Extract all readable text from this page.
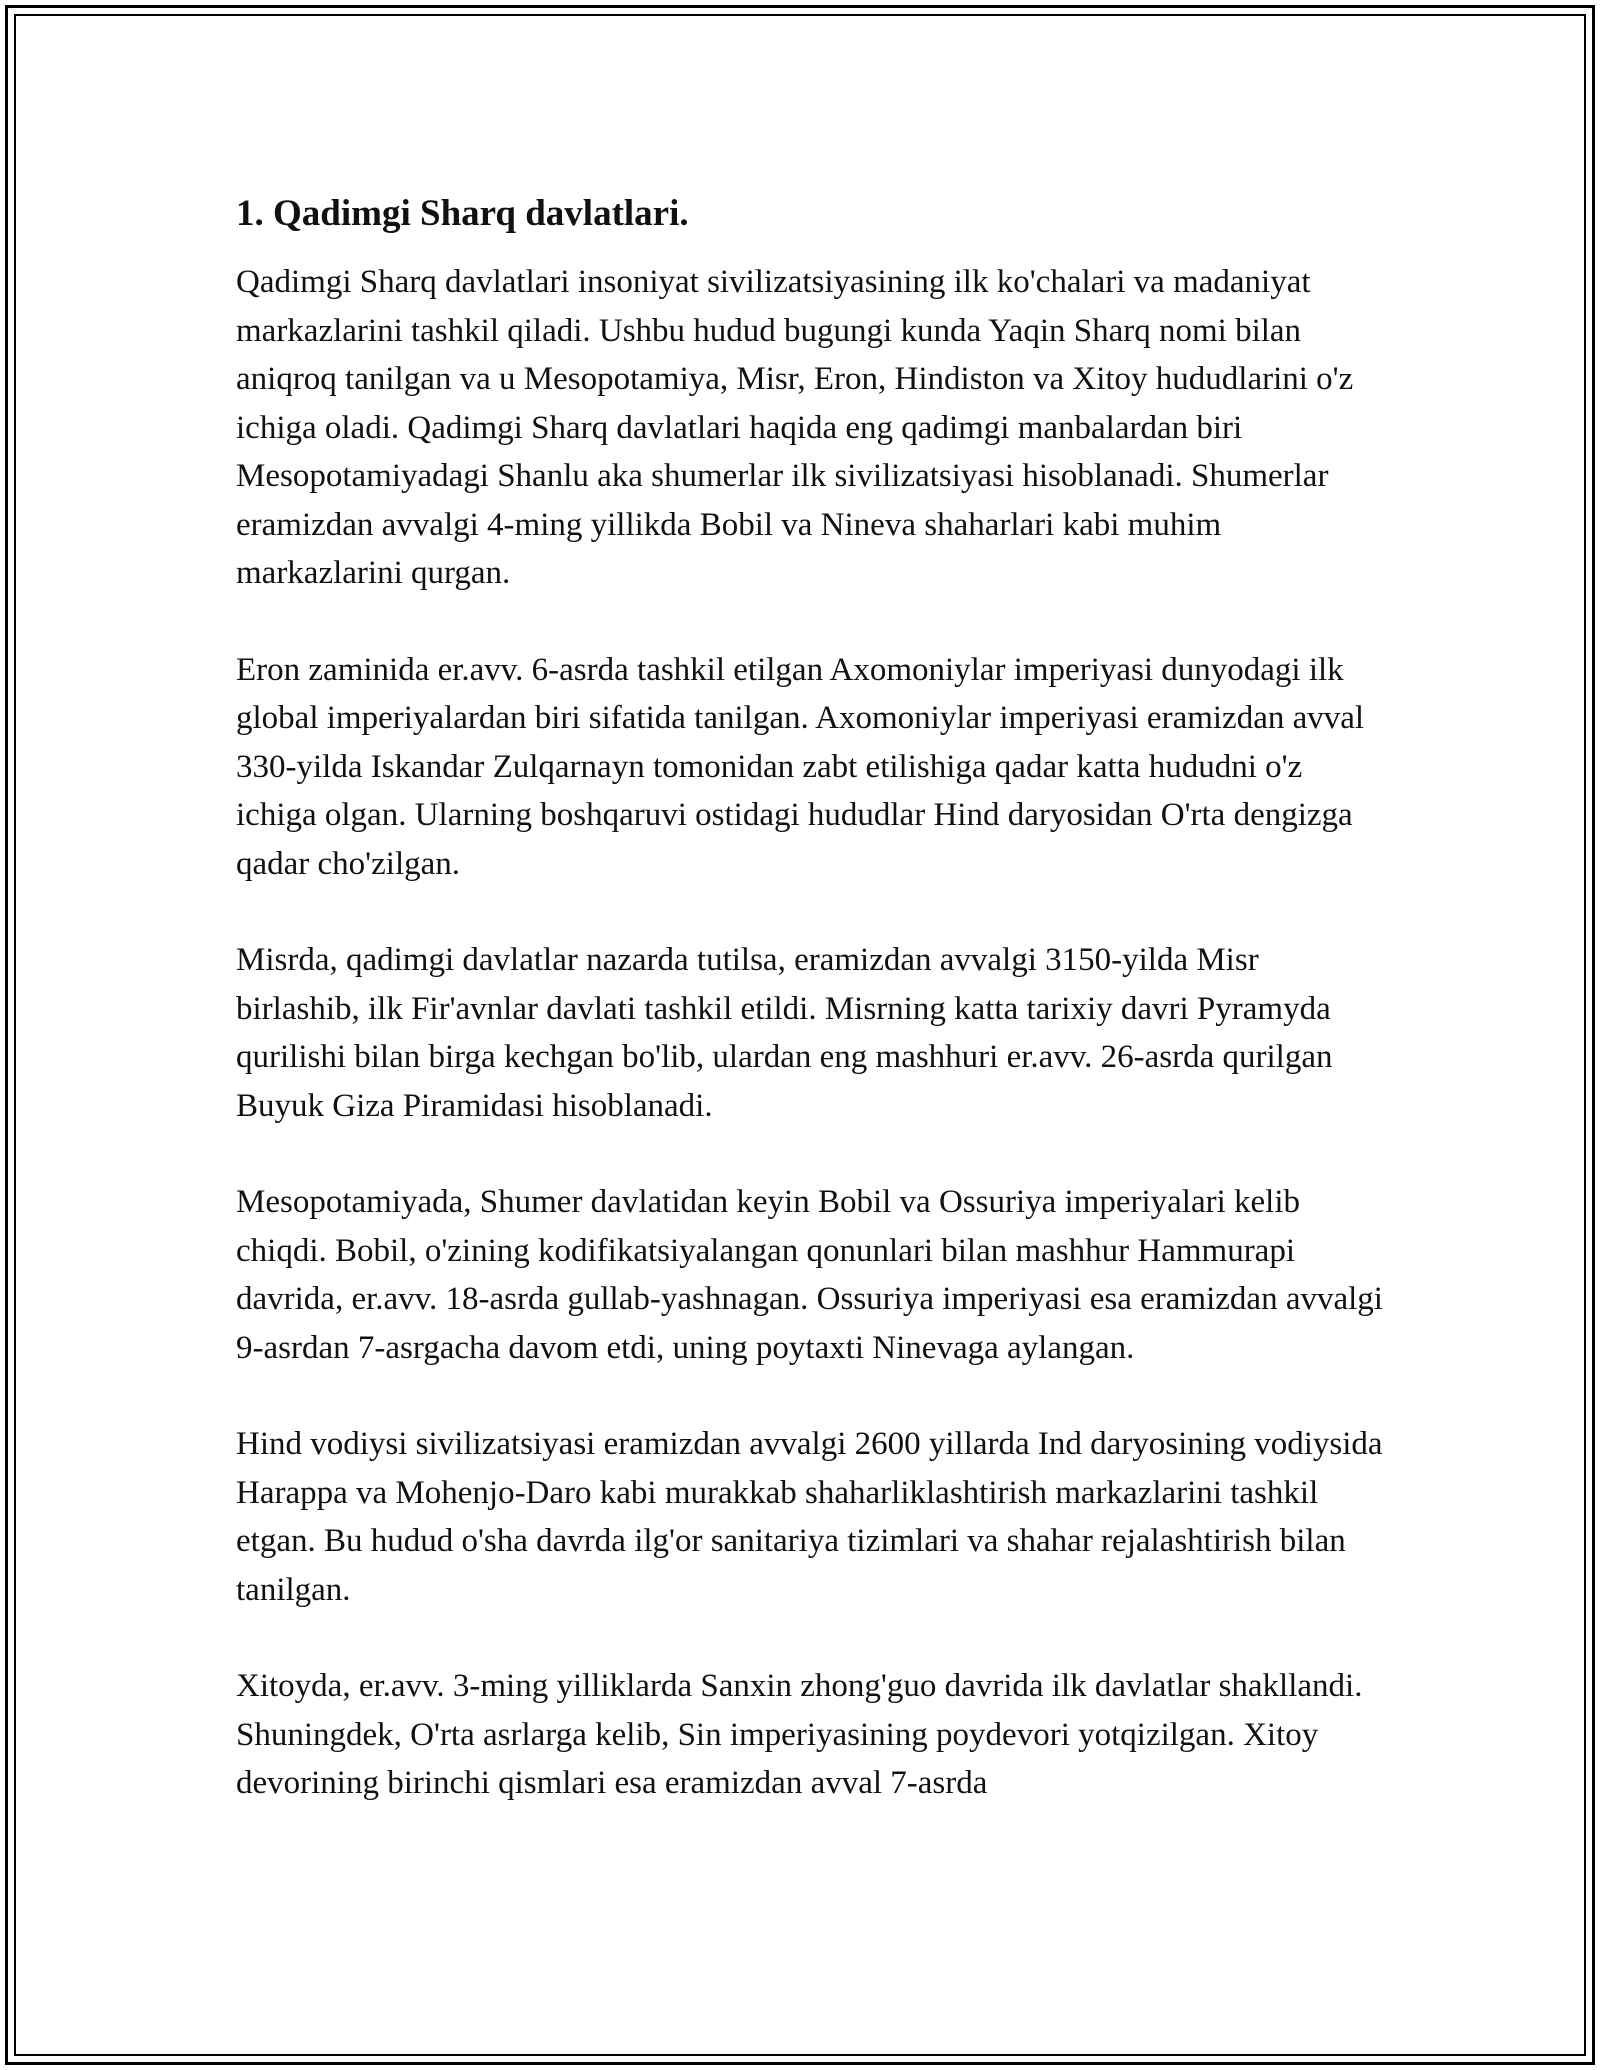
1. Qadimgi Sharq davlatlari.

Qadimgi Sharq davlatlari insoniyat sivilizatsiyasining ilk ko'chalari va madaniyat markazlarini tashkil qiladi. Ushbu hudud bugungi kunda Yaqin Sharq nomi bilan aniqroq tanilgan va u Mesopotamiya, Misr, Eron, Hindiston va Xitoy hududlarini o'z ichiga oladi. Qadimgi Sharq davlatlari haqida eng qadimgi manbalardan biri Mesopotamiyadagi Shanlu aka shumerlar ilk sivilizatsiyasi hisoblanadi. Shumerlar eramizdan avvalgi 4-ming yillikda Bobil va Nineva shaharlari kabi muhim markazlarini qurgan.

Eron zaminida er.avv. 6-asrda tashkil etilgan Axomoniylar imperiyasi dunyodagi ilk global imperiyalardan biri sifatida tanilgan. Axomoniylar imperiyasi eramizdan avval 330-yilda Iskandar Zulqarnayn tomonidan zabt etilishiga qadar katta hududni o'z ichiga olgan. Ularning boshqaruvi ostidagi hududlar Hind daryosidan O'rta dengizga qadar cho'zilgan.

Misrda, qadimgi davlatlar nazarda tutilsa, eramizdan avvalgi 3150-yilda Misr birlashib, ilk Fir'avnlar davlati tashkil etildi. Misrning katta tarixiy davri Pyramyda qurilishi bilan birga kechgan bo'lib, ulardan eng mashhuri er.avv. 26-asrda qurilgan Buyuk Giza Piramidasi hisoblanadi.

Mesopotamiyada, Shumer davlatidan keyin Bobil va Ossuriya imperiyalari kelib chiqdi. Bobil, o'zining kodifikatsiyalangan qonunlari bilan mashhur Hammurapi davrida, er.avv. 18-asrda gullab-yashnagan. Ossuriya imperiyasi esa eramizdan avvalgi 9-asrdan 7-asrgacha davom etdi, uning poytaxti Ninevaga aylangan.

Hind vodiysi sivilizatsiyasi eramizdan avvalgi 2600 yillarda Ind daryosining vodiysida Harappa va Mohenjo-Daro kabi murakkab shaharliklashtirish markazlarini tashkil etgan. Bu hudud o'sha davrda ilg'or sanitariya tizimlari va shahar rejalashtirish bilan tanilgan.

Xitoyda, er.avv. 3-ming yilliklarda Sanxin zhong'guo davrida ilk davlatlar shakllandi. Shuningdek, O'rta asrlarga kelib, Sin imperiyasining poydevori yotqizilgan. Xitoy devorining birinchi qismlari esa eramizdan avval 7-asrda
